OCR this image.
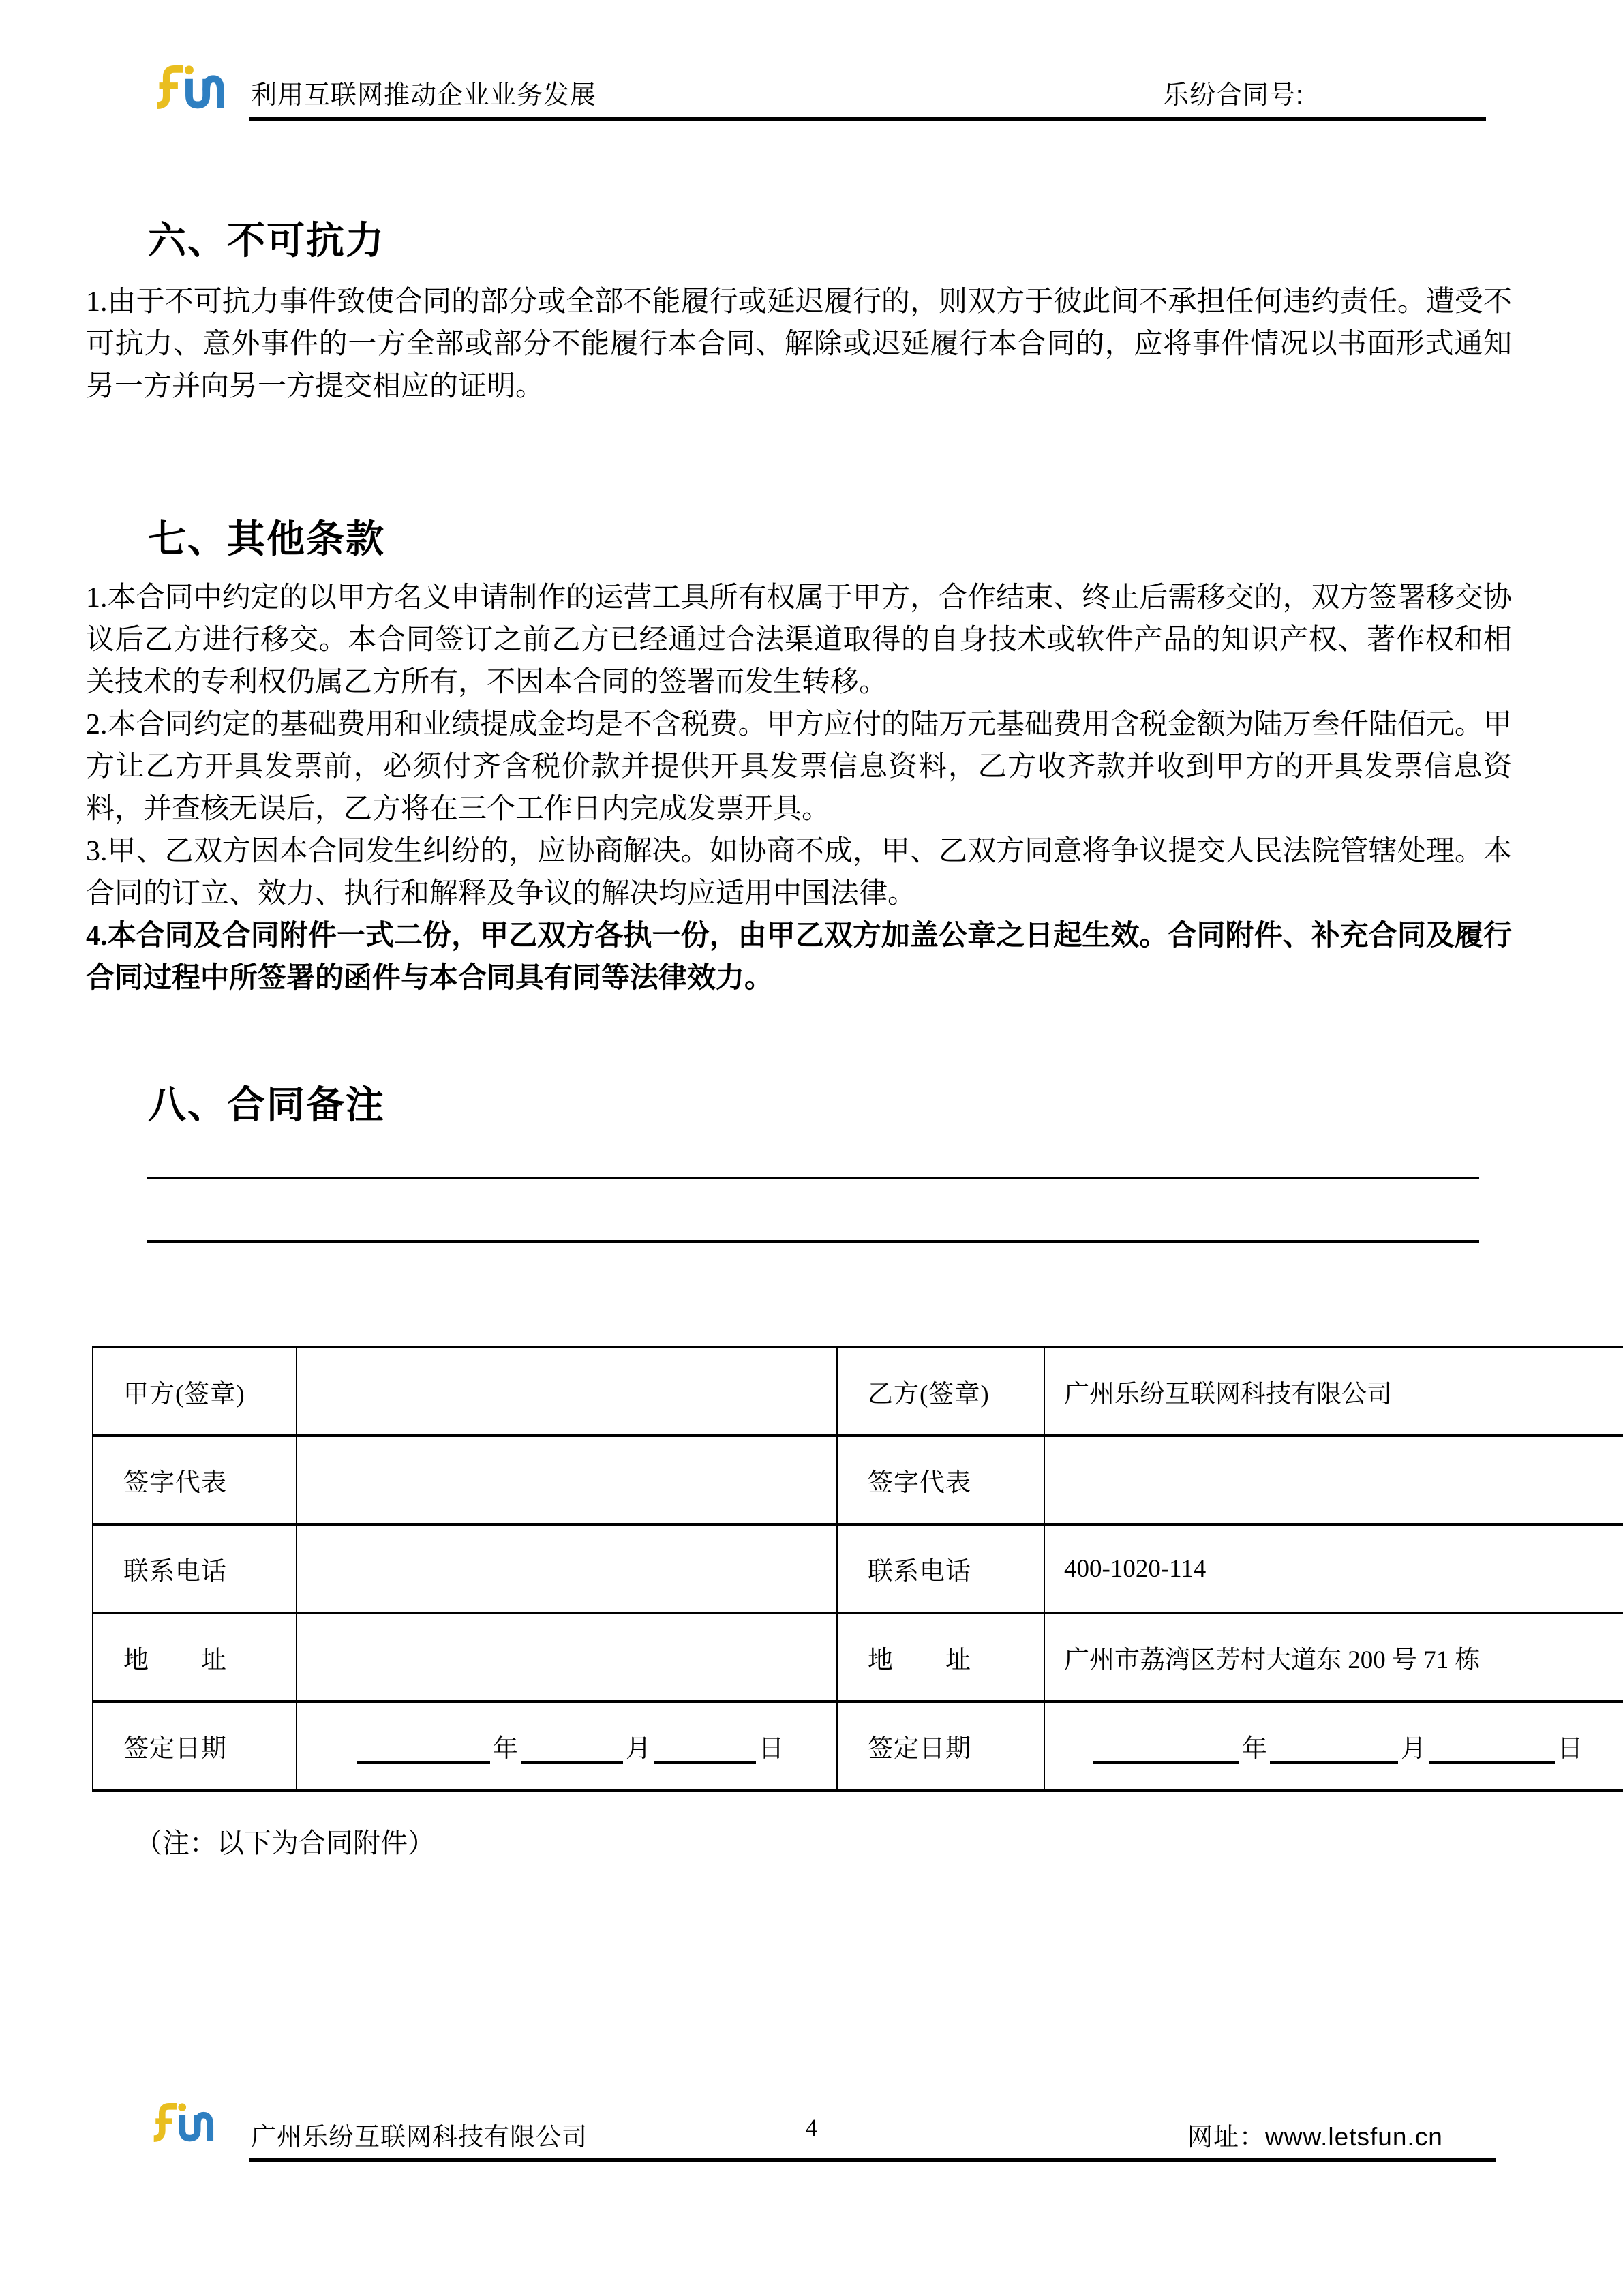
利用互联网推动企业业务发展	乐纷合同号:
六、不可抗力

1.由于不可抗力事件致使合同的部分或全部不能履行或延迟履行的，则双方于彼此间不承担任何违约责任。遭受不可抗力、意外事件的一方全部或部分不能履行本合同、解除或迟延履行本合同的，应将事件情况以书面形式通知另一方并向另一方提交相应的证明。

七、其他条款

1.本合同中约定的以甲方名义申请制作的运营工具所有权属于甲方，合作结束、终止后需移交的，双方签署移交协议后乙方进行移交。本合同签订之前乙方已经通过合法渠道取得的自身技术或软件产品的知识产权、著作权和相关技术的专利权仍属乙方所有，不因本合同的签署而发生转移。

2.本合同约定的基础费用和业绩提成金均是不含税费。甲方应付的陆万元基础费用含税金额为陆万叁仟陆佰元。甲方让乙方开具发票前，必须付齐含税价款并提供开具发票信息资料，乙方收齐款并收到甲方的开具发票信息资料，并查核无误后，乙方将在三个工作日内完成发票开具。

3.甲、乙双方因本合同发生纠纷的，应协商解决。如协商不成，甲、乙双方同意将争议提交人民法院管辖处理。本合同的订立、效力、执行和解释及争议的解决均应适用中国法律。

4.本合同及合同附件一式二份，甲乙双方各执一份，由甲乙双方加盖公章之日起生效。合同附件、补充合同及履行合同过程中所签署的函件与本合同具有同等法律效力。

八、合同备注
甲方(签章)		乙方(签章)	广州乐纷互联网科技有限公司
签字代表		签字代表	
联系电话		联系电话	400-1020-114
地　　址		地　　址	广州市荔湾区芳村大道东 200 号 71 栋
签定日期	年 月 日	签定日期	年 月 日
（注：以下为合同附件）
广州乐纷互联网科技有限公司	4	网址：www.letsfun.cn
